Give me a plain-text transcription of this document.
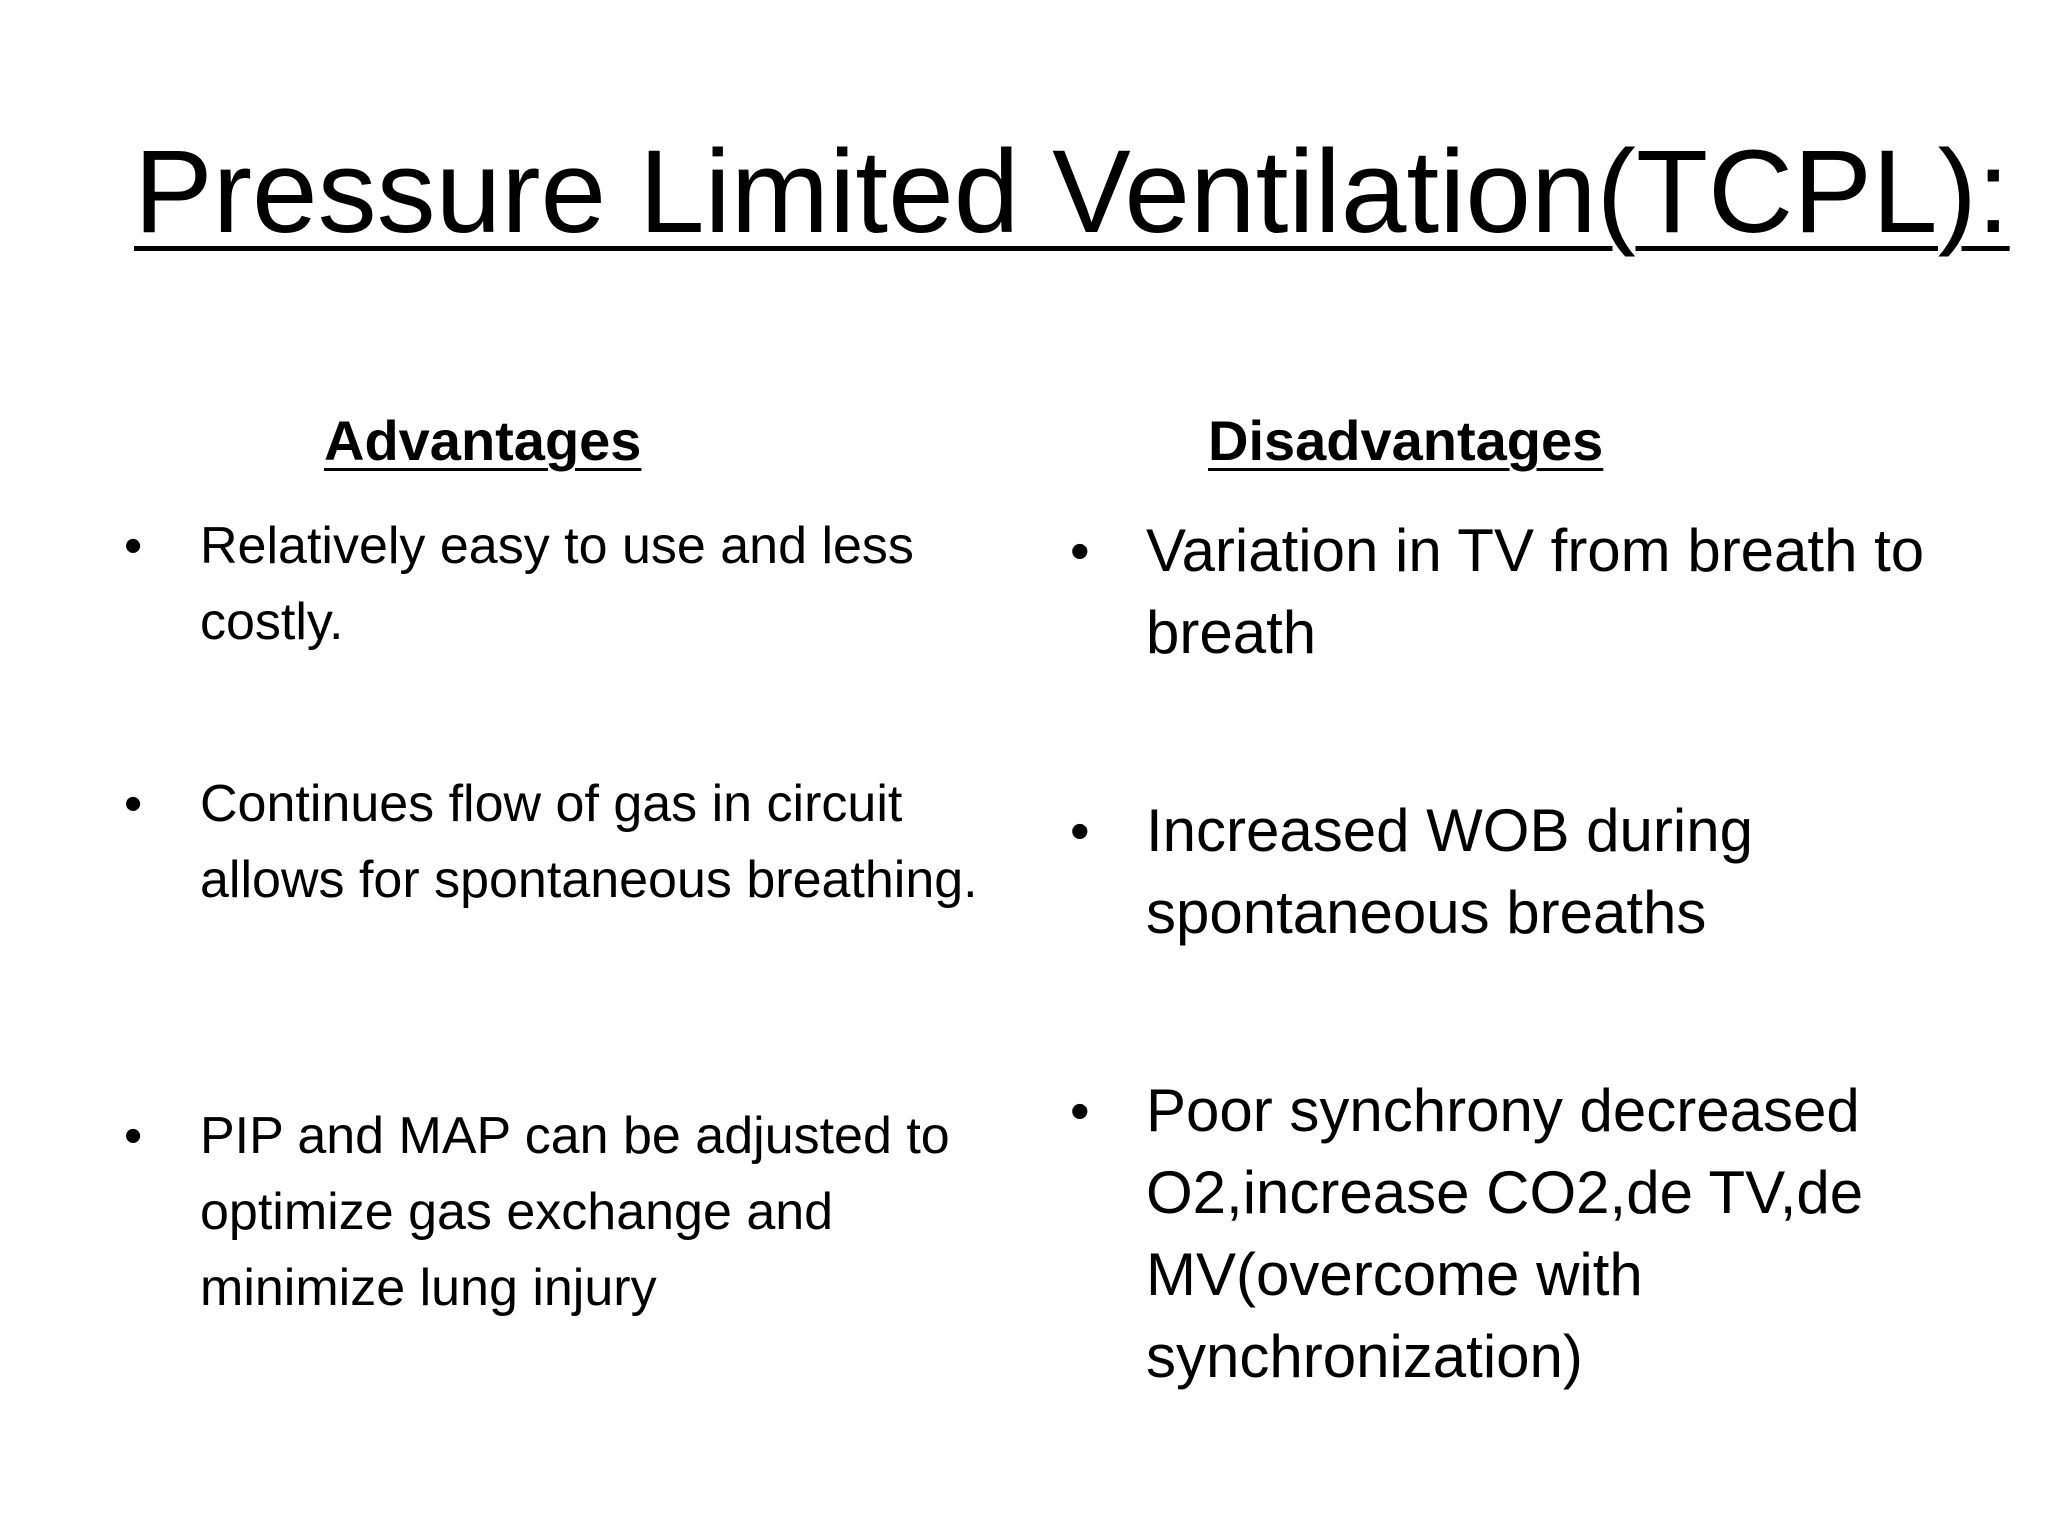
Pressure Limited Ventilation(TCPL):
Advantages	Disadvantages
• Relatively easy to use and less costly.
• Continues flow of gas in circuit allows for spontaneous breathing.
• PIP and MAP can be adjusted to optimize gas exchange and minimize lung injury
• Variation in TV from breath to breath
• Increased WOB during spontaneous breaths
• Poor synchrony decreased O2,increase CO2,de TV,de MV(overcome with synchronization)
